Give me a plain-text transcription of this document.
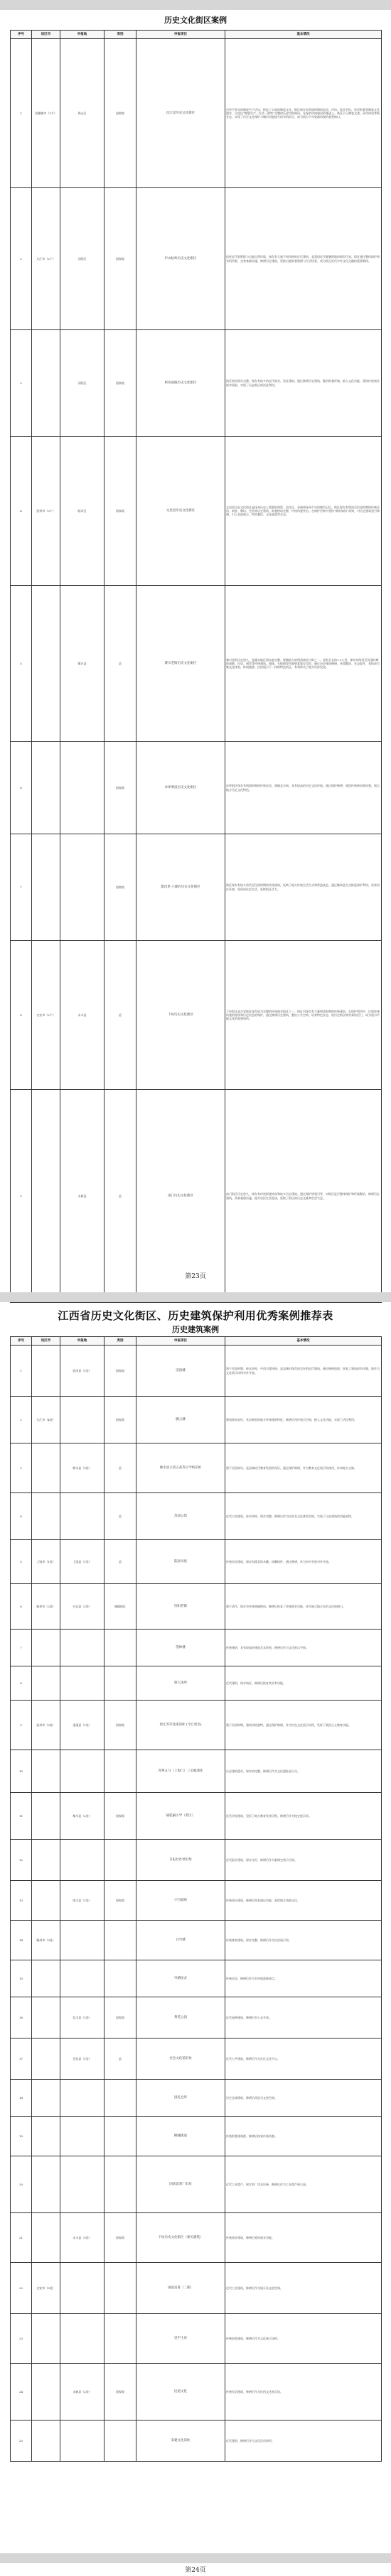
历史文化街区案例
序号	设区市	申报地	类别	申报项目	基本情况
1	景德镇市（1个）	珠山区	国家级	昌江里历史文化街区	历经千余年的陶瓷生产活动，积淀了丰富的陶瓷文化。街区保存有明清时期的窑房、作坊、瓷业会馆、里弄街巷等陶瓷文化遗存，呈现出“陶瓷生产—生活—销售”完整的历史空间格局。在保护传统格局的基础上，街区引入陶瓷文创、研学体验等新业态，实现了历史文化保护与城市功能提升的有机结合，成为展示千年瓷都风貌的重要窗口。
2	九江市（2个）	浔阳区	国家级	庐山牯岭历史文化街区	依托近代别墅群与山地自然环境，保存有大量不同风格的近代建筑，是我国近代避暑胜地的典型代表。街区通过整体保护和有机更新，完善基础设施，修缮历史建筑，延续山地街巷肌理与生活场景，成为展示近代中外文化交融的重要载体。
3		浔阳区	国家级	庾亮南路历史文化街区	街区格局保存完整，保存有较多的近代商业、居住建筑。通过修缮历史建筑、整治街巷环境、植入文化功能，延续传统商业街市氛围，实现了历史街区的活化利用。
4	抚州市（3个）	临川区	国家级	文昌里历史文化街区	文昌里历史文化街区是抚州历史上重要的商贸、居住区，承载着抚州千年的城市记忆。街区保存有明清至民国时期的传统民居、祠堂、牌坊、会馆等历史建筑，街巷格局完整，传统风貌突出。在保护更新中坚持“修旧如旧”原则，对历史建筑进行修缮，引入非遗展示、特色餐饮、文化旅游等业态。
5		黎川县	县	黎川老街历史文化街区	黎川老街历史悠久，是赣东地区保存最完整、规模最大的明清商业古街之一。老街全长约1.5公里，保存有明清至民国时期的商铺、民居、祠堂等传统建筑，骑楼、石板路等风貌要素保存完好。通过历史建筑修缮、环境整治、业态提升，老街成为集文化体验、休闲旅游、民俗展示于一体的特色街区，有效带动了地方经济发展。
6			国家级	沙坪明清历史文化街区	沙坪街区保存有明清时期的传统民居、商铺及宗祠，具有较高的历史文化价值。通过保护修缮，延续传统格局和风貌，展示地方历史文化特色。
7			国家级	建昌里·六源府历史文化街区	街区保存有较多清代至民国时期的传统建筑，反映了地方传统生活方式和营造技艺。通过微改造方式推进保护利用，改善居住环境，保留原住民生活，延续街区活力。
8	吉安市（2个）	永丰县	县	下坊历史文化街区	下坊街区是吉安地区保存较为完整的传统商业街区之一，街区内保存有大量明清时期的传统建筑。在保护利用中，注重传统风貌的延续和历史信息的保护，通过修缮历史建筑、整治公共空间、培育特色业态，使历史街区焕发新的活力，成为展示庐陵文化的重要场所。
9		永新县	县	南门历史文化街区	南门街区历史悠久，保存有传统街巷格局和较多历史建筑。通过保护规划引导，对街区进行整体保护和环境整治，修缮历史建筑，改善基础设施，提升居民生活品质，延续了街区的历史文脉和生活气息。
第23页
江西省历史文化街区、历史建筑保护利用优秀案例推荐表
历史建筑案例
序号	设区市	申报地	类别	申报项目	基本情况
1		彭泽县（1处）	国家级	沼园楼	建于民国时期，砖木结构，中西合璧风格，是县域内保存较完好的近代建筑。通过修缮加固，恢复了建筑原有风貌，现作为文化展示场所对外开放。
2	九江市（4处）		国家级	腾云楼	建筑保存较好，具有典型的地方传统建筑特征。修缮后用作展示空间，植入文化功能，实现了活化利用。
3		修水县（3处）	县	修水县立第五高等小学校旧址	建于民国初年，是县域近代教育发展的见证。通过保护修缮，作为教育文化展示馆使用，传承地方文脉。
4			县	苏园公馆	近代公馆建筑，砖木结构，保存完整。修缮后作为民宿及文化体验空间，实现了历史建筑的功能延续。
5	上饶市（1处）	上饶县（1处）	县	陆园书屋	传统民居建筑，保存有精美的木雕、砖雕构件。通过修缮，作为乡村书屋对外开放。
6	新余市（2处）	分宜县（2处）	城镇街区	钤阳老街	建于清代，保存有传统商铺格局。修缮后恢复了传统商业功能，成为展示地方民俗文化的窗口。
7				箔林楼	传统建筑，具有较高的建筑艺术价值。修缮后作为文化展示空间。
8				歇人场所	近代建筑，保存较好，修缮后恢复其原有功能。
9	抚州市（5处）	金溪县（1处）	国家级	原江苏军党部旧址 (今已更名)	建于民国时期，建筑风格独特。通过保护修缮，作为红色文化展示场所，发挥了爱国主义教育功能。
10				苏州五马（上海门）三宝殿遗址	历史建筑遗存，保存较完整。修缮后作为文化遗址展示点。
11		黎川县（2处）	国家级	通乾嗣小学（苏区）	近代学校建筑，见证了地方教育发展历程。修缮后作为校史展示馆。
12				日报社社址旧址	近代报社建筑，保存完好，修缮后作为新闻史展示空间。
13		南丰县（1处）	国家级	小巧剧场	传统戏台建筑，修缮后恢复演出功能，延续地方戏曲文化。
14	赣州市（3处）			白竹楼	传统客家建筑，保存完整，修缮后作为民俗展示馆。
15				岑塘屋舍	传统民居，修缮后作为乡村旅游接待点。
16		信丰县（1处）	国家级	黄花公园	近代园林建筑，修缮后对公众开放。
17		会昌县（1处）	县	社会文化馆旧址	近代公共建筑，修缮后作为社区文化中心。
18				国礼仓库	历史仓储建筑，修缮后改造为文创空间。
19				柳城街道	传统街巷建筑群，修缮后恢复传统风貌。
20				国富雷菁厂旧址	近代工业遗产，保存有厂房及设备，修缮后作为工业遗产展示园。
21		永丰县（3处）	国家级	下坊历史文化街区（相关建筑）	传统商业建筑，修缮后延续商业功能。
22	吉安市（5处）			国富雷菁（二期）	近代工业建筑，修缮后作为展示及文创空间。
23				里甲王府	传统府第建筑，修缮后作为文化展示场所。
24		永新县（2处）	国家级	民道文化	传统民居建筑，修缮后作为民俗文化展示馆。
25				来建文化旧址	近代建筑，修缮后作为文化活动场所。
第24页
